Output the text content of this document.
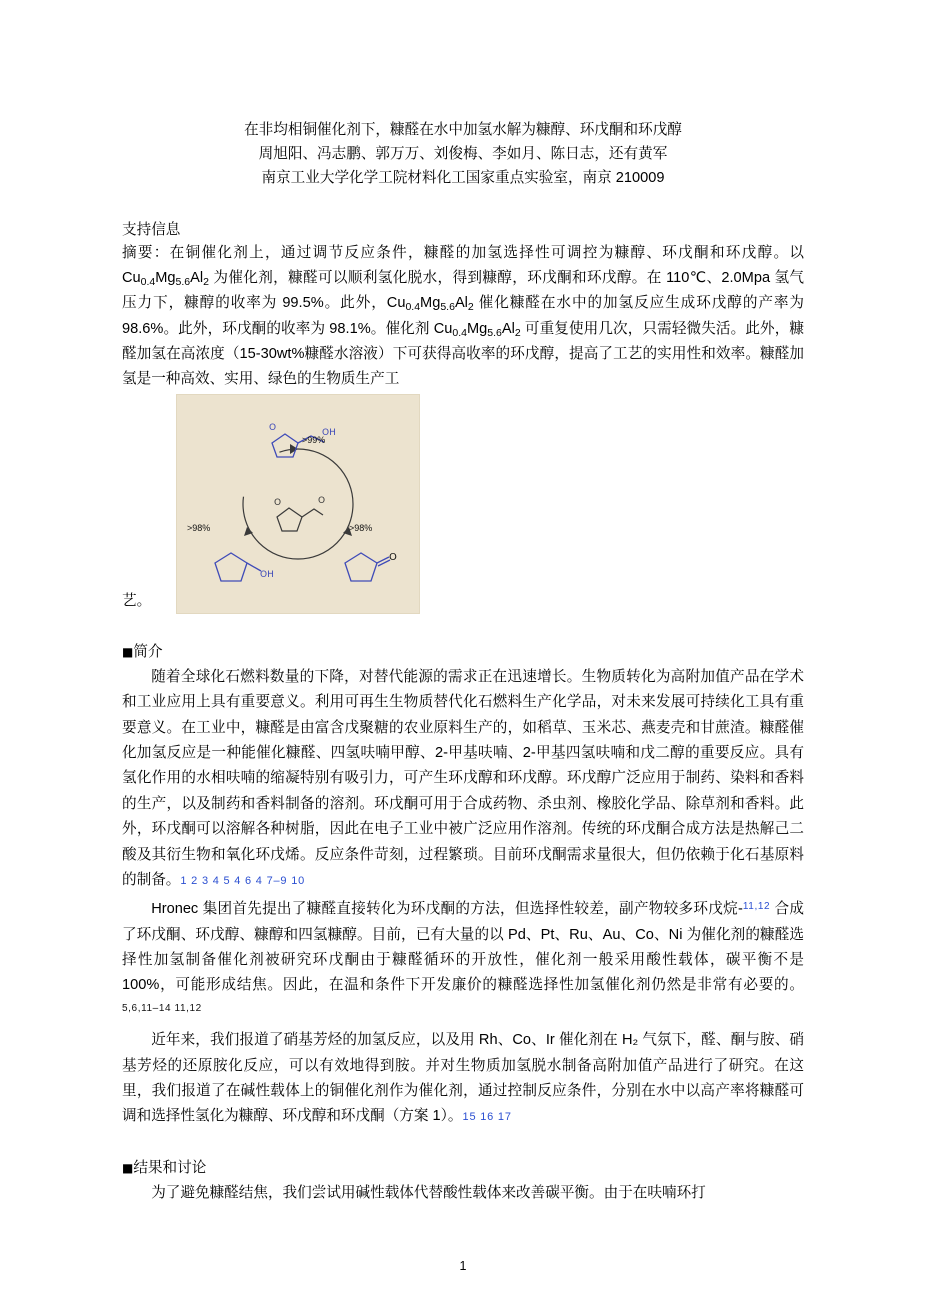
在非均相铜催化剂下，糠醛在水中加氢水解为糠醇、环戊酮和环戊醇
周旭阳、冯志鹏、郭万万、刘俊梅、李如月、陈日志，还有黄军
南京工业大学化学工院材料化工国家重点实验室，南京 210009
支持信息
摘要：在铜催化剂上，通过调节反应条件，糠醛的加氢选择性可调控为糠醇、环戊酮和环戊醇。以 $Cu_{0.4}Mg_{5.6}Al_2$ 为催化剂，糠醛可以顺利氢化脱水，得到糠醇，环戊酮和环戊醇。在 110℃、2.0Mpa 氢气压力下，糠醇的收率为 99.5%。此外，$Cu_{0.4}Mg_{5.6}Al_2$ 催化糠醛在水中的加氢反应生成环戊醇的产率为 98.6%。此外，环戊酮的收率为 98.1%。催化剂 $Cu_{0.4}Mg_{5.6}Al_2$ 可重复使用几次，只需轻微失活。此外，糠醛加氢在高浓度（15-30wt%糠醛水溶液）下可获得高收率的环戊醇，提高了工艺的实用性和效率。糠醛加氢是一种高效、实用、绿色的生物质生产工
O	OH
O	O
OH
O
>99%
>98%	>98%
艺。
■简介
随着全球化石燃料数量的下降，对替代能源的需求正在迅速增长。生物质转化为高附加值产品在学术和工业应用上具有重要意义。利用可再生生物质替代化石燃料生产化学品，对未来发展可持续化工具有重要意义。在工业中，糠醛是由富含戊聚糖的农业原料生产的，如稻草、玉米芯、燕麦壳和甘蔗渣。糠醛催化加氢反应是一种能催化糠醛、四氢呋喃甲醇、2-甲基呋喃、2-甲基四氢呋喃和戊二醇的重要反应。具有氢化作用的水相呋喃的缩凝特别有吸引力，可产生环戊醇和环戊醇。环戊醇广泛应用于制药、染料和香料的生产，以及制药和香料制备的溶剂。环戊酮可用于合成药物、杀虫剂、橡胶化学品、除草剂和香料。此外，环戊酮可以溶解各种树脂，因此在电子工业中被广泛应用作溶剂。传统的环戊酮合成方法是热解己二酸及其衍生物和氧化环戊烯。反应条件苛刻，过程繁琐。目前环戊酮需求量很大，但仍依赖于化石基原料的制备。1 2 3 4 5 4 6 4 7–9 10
Hronec 集团首先提出了糠醛直接转化为环戊酮的方法，但选择性较差，副产物较多环戊烷-$^{11,12}$ 合成了环戊酮、环戊醇、糠醇和四氢糠醇。目前，已有大量的以 Pd、Pt、Ru、Au、Co、Ni 为催化剂的糠醛选择性加氢制备催化剂被研究环戊酮由于糠醛循环的开放性，催化剂一般采用酸性载体，碳平衡不是 100%，可能形成结焦。因此，在温和条件下开发廉价的糠醛选择性加氢催化剂仍然是非常有必要的。$^{5,6,11-14 11,12}$
近年来，我们报道了硝基芳烃的加氢反应，以及用 Rh、Co、Ir 催化剂在 H₂ 气氛下，醛、酮与胺、硝基芳烃的还原胺化反应，可以有效地得到胺。并对生物质加氢脱水制备高附加值产品进行了研究。在这里，我们报道了在碱性载体上的铜催化剂作为催化剂，通过控制反应条件，分别在水中以高产率将糠醛可调和选择性氢化为糠醇、环戊醇和环戊酮（方案 1）。15 16 17
■结果和讨论
为了避免糠醛结焦，我们尝试用碱性载体代替酸性载体来改善碳平衡。由于在呋喃环打
1
